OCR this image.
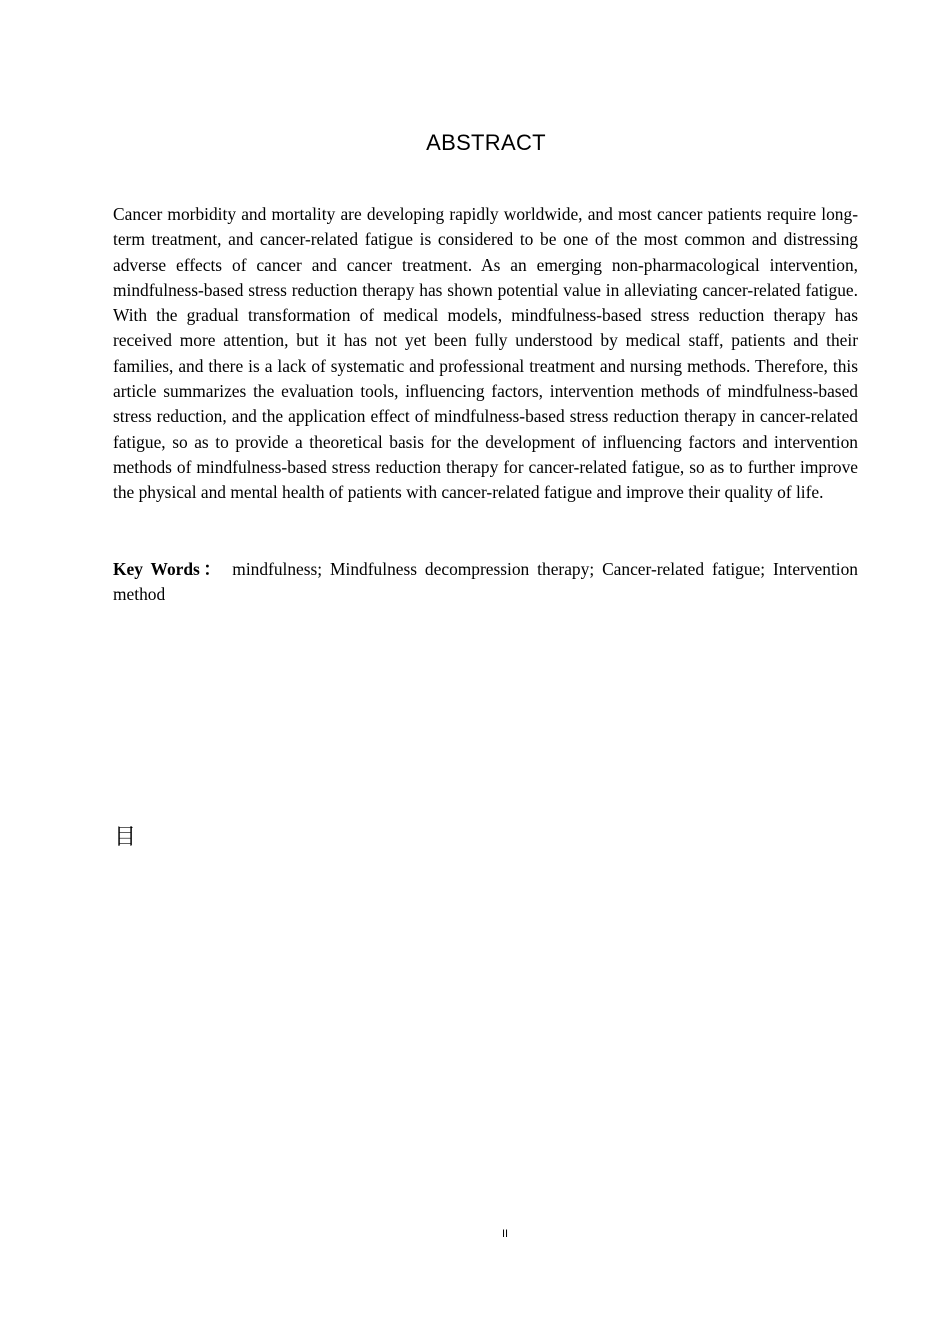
ABSTRACT

Cancer morbidity and mortality are developing rapidly worldwide, and most cancer patients require long-term treatment, and cancer-related fatigue is considered to be one of the most common and distressing adverse effects of cancer and cancer treatment. As an emerging non-pharmacological intervention, mindfulness-based stress reduction therapy has shown potential value in alleviating cancer-related fatigue. With the gradual transformation of medical models, mindfulness-based stress reduction therapy has received more attention, but it has not yet been fully understood by medical staff, patients and their families, and there is a lack of systematic and professional treatment and nursing methods. Therefore, this article summarizes the evaluation tools, influencing factors, intervention methods of mindfulness-based stress reduction, and the application effect of mindfulness-based stress reduction therapy in cancer-related fatigue, so as to provide a theoretical basis for the development of influencing factors and intervention methods of mindfulness-based stress reduction therapy for cancer-related fatigue, so as to further improve the physical and mental health of patients with cancer-related fatigue and improve their quality of life.

Key Words： mindfulness; Mindfulness decompression therapy; Cancer-related fatigue; Intervention method

目
II
